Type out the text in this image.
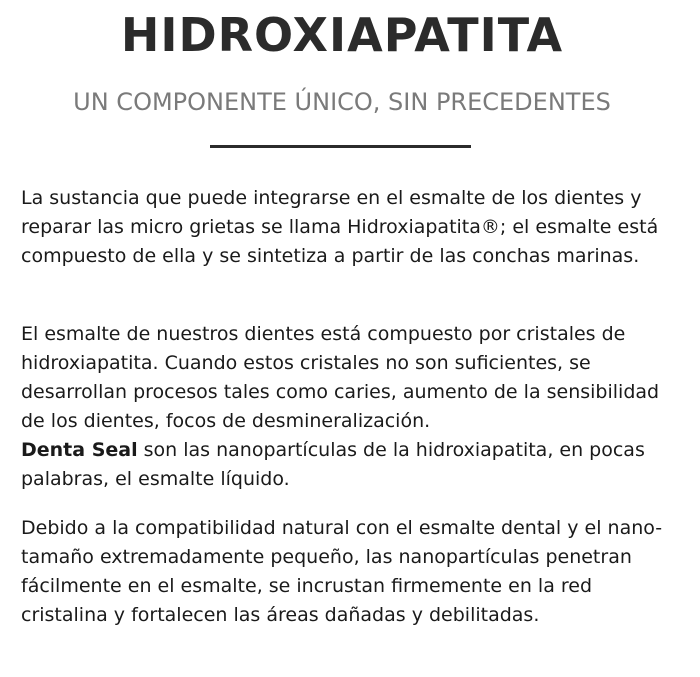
HIDROXIAPATITA
UN COMPONENTE ÚNICO, SIN PRECEDENTES

La sustancia que puede integrarse en el esmalte de los dientes y reparar las micro grietas se llama Hidroxiapatita®; el esmalte está compuesto de ella y se sintetiza a partir de las conchas marinas.

El esmalte de nuestros dientes está compuesto por cristales de hidroxiapatita. Cuando estos cristales no son suficientes, se desarrollan procesos tales como caries, aumento de la sensibilidad de los dientes, focos de desmineralización.
Denta Seal son las nanopartículas de la hidroxiapatita, en pocas palabras, el esmalte líquido.

Debido a la compatibilidad natural con el esmalte dental y el nano-tamaño extremadamente pequeño, las nanopartículas penetran fácilmente en el esmalte, se incrustan firmemente en la red cristalina y fortalecen las áreas dañadas y debilitadas.
